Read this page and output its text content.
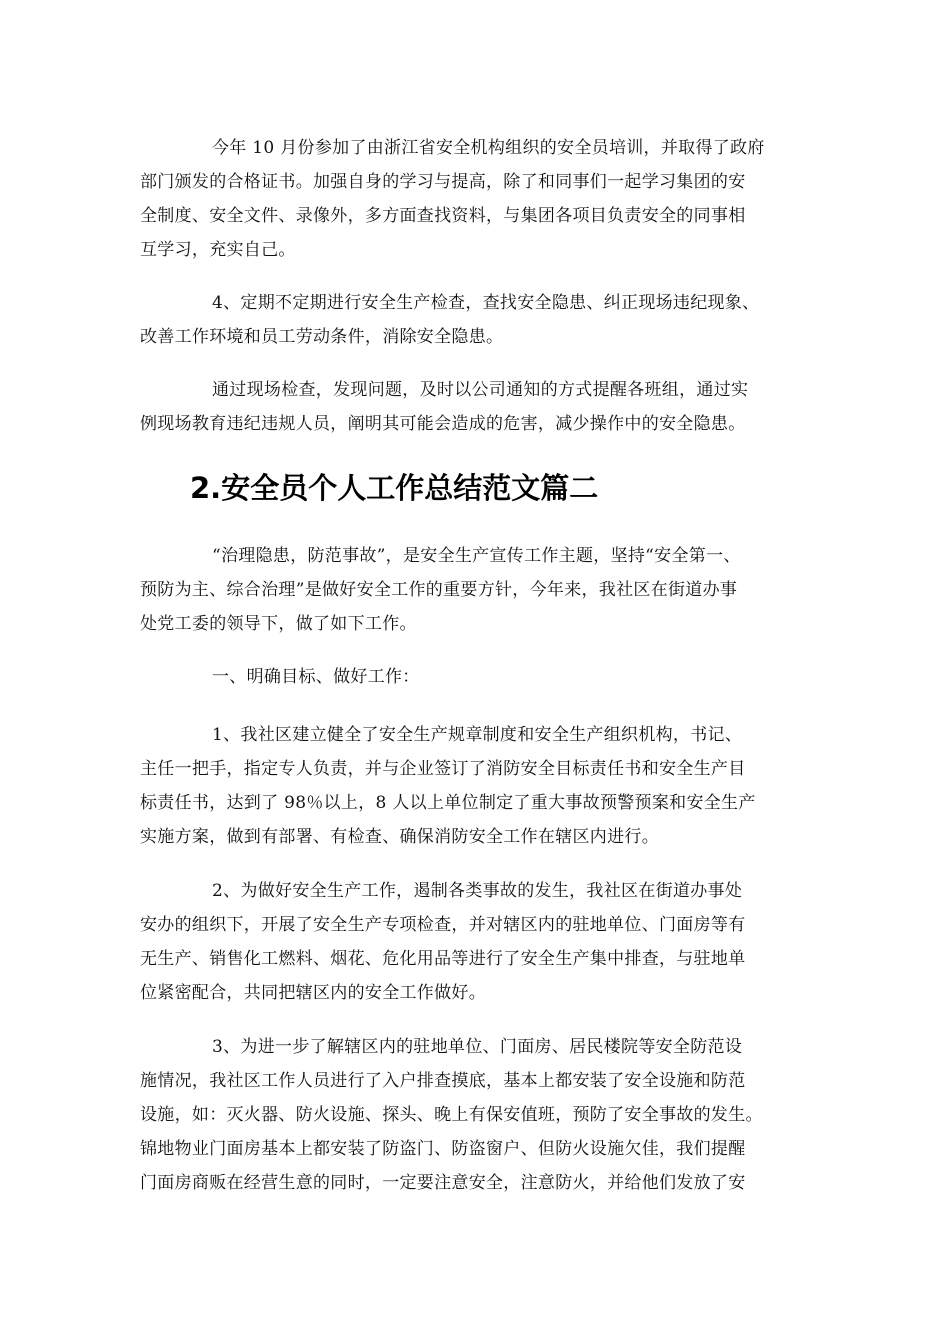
今年 10 月份参加了由浙江省安全机构组织的安全员培训，并取得了政府
部门颁发的合格证书。加强自身的学习与提高，除了和同事们一起学习集团的安
全制度、安全文件、录像外，多方面查找资料，与集团各项目负责安全的同事相
互学习，充实自己。
4、定期不定期进行安全生产检查，查找安全隐患、纠正现场违纪现象、
改善工作环境和员工劳动条件，消除安全隐患。
通过现场检查，发现问题，及时以公司通知的方式提醒各班组，通过实
例现场教育违纪违规人员，阐明其可能会造成的危害，减少操作中的安全隐患。
2.安全员个人工作总结范文篇二
“治理隐患，防范事故”，是安全生产宣传工作主题，坚持“安全第一、
预防为主、综合治理”是做好安全工作的重要方针，今年来，我社区在街道办事
处党工委的领导下，做了如下工作。
一、明确目标、做好工作：
1、我社区建立健全了安全生产规章制度和安全生产组织机构，书记、
主任一把手，指定专人负责，并与企业签订了消防安全目标责任书和安全生产目
标责任书，达到了 98％以上，8 人以上单位制定了重大事故预警预案和安全生产
实施方案，做到有部署、有检查、确保消防安全工作在辖区内进行。
2、为做好安全生产工作，遏制各类事故的发生，我社区在街道办事处
安办的组织下，开展了安全生产专项检查，并对辖区内的驻地单位、门面房等有
无生产、销售化工燃料、烟花、危化用品等进行了安全生产集中排查，与驻地单
位紧密配合，共同把辖区内的安全工作做好。
3、为进一步了解辖区内的驻地单位、门面房、居民楼院等安全防范设
施情况，我社区工作人员进行了入户排查摸底，基本上都安装了安全设施和防范
设施，如：灭火器、防火设施、探头、晚上有保安值班，预防了安全事故的发生。
锦地物业门面房基本上都安装了防盗门、防盗窗户、但防火设施欠佳，我们提醒
门面房商贩在经营生意的同时，一定要注意安全，注意防火，并给他们发放了安
